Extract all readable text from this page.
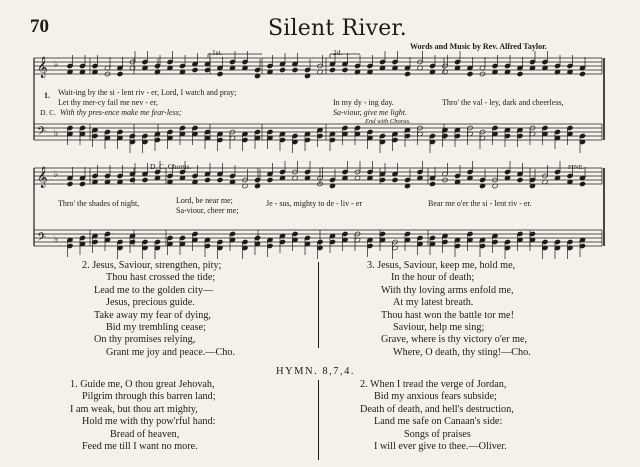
70	Silent River.
Words and Music by Rev. Alfred Taylor.
𝄞
𝄢
♭
♭
𝄞
𝄢
♭
♭
1st.	2d.
1.
D. C.
Wait-ing by the si - lent riv - er, Lord, I watch and pray;
Let thy mer-cy fail me nev - er,
With thy pres-ence make me fear-less;
In my dy - ing day.
Sa-viour, give me light.
Thro' the val - ley, dark and cheerless,
End with Chorus.
D. C. Chorus.	FINE.
Thro' the shades of night,	Lord, be near me;
Sa-viour, cheer me;
Je - sus, mighty to de - liv - er	Bear me o'er the si - lent riv - er.
2. Jesus, Saviour, strengthen, pity;
Thou hast crossed the tide;
Lead me to the golden city—
Jesus, precious guide.
Take away my fear of dying,
Bid my trembling cease;
On thy promises relying,
Grant me joy and peace.—Cho.
3. Jesus, Saviour, keep me, hold me,
In the hour of death;
With thy loving arms enfold me,
At my latest breath.
Thou hast won the battle tor me!
Saviour, help me sing;
Grave, where is thy victory o'er me,
Where, O death, thy sting!—Cho.
HYMN. 8,7,4.
1. Guide me, O thou great Jehovah,
Pilgrim through this barren land;
I am weak, but thou art mighty,
Hold me with thy pow'rful hand:
Bread of heaven,
Feed me till I want no more.
2. When I tread the verge of Jordan,
Bid my anxious fears subside;
Death of death, and hell's destruction,
Land me safe on Canaan's side:
Songs of praises
I will ever give to thee.—Oliver.
